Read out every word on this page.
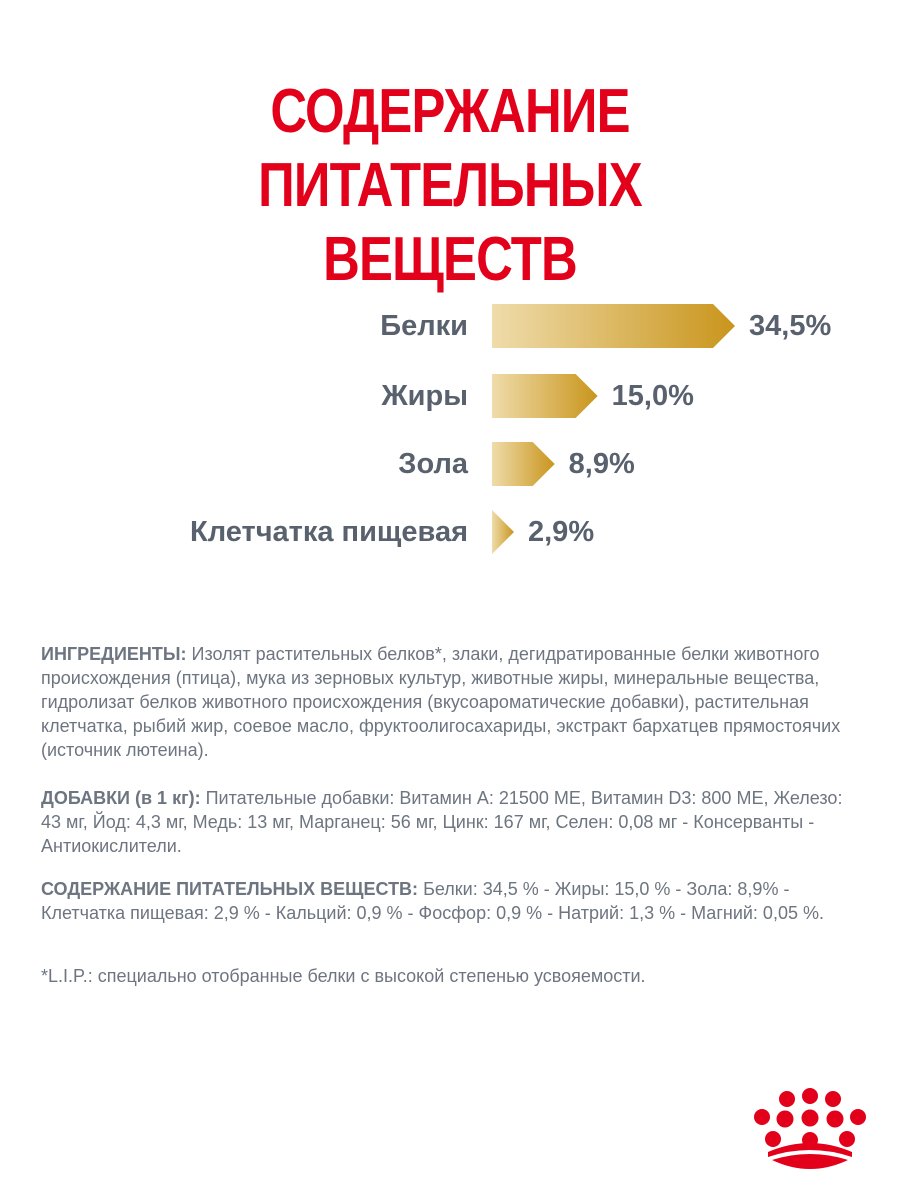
СОДЕРЖАНИЕ ПИТАТЕЛЬНЫХ
ВЕЩЕСТВ
Белки	34,5%
Жиры	15,0%
Зола	8,9%
Клетчатка пищевая 2,9%

ИНГРЕДИЕНТЫ: Изолят растительных белков*, злаки, дегидратированные белки животного происхождения (птица), мука из зерновых культур, животные жиры, минеральные вещества, гидролизат белков животного происхождения (вкусоароматические добавки), растительная клетчатка, рыбий жир, соевое масло, фруктоолигосахариды, экстракт бархатцев прямостоячих (источник лютеина).

ДОБАВКИ (в 1 кг): Питательные добавки: Витамин A: 21500 МЕ, Витамин D3: 800 МЕ, Железо: 43 мг, Йод: 4,3 мг, Медь: 13 мг, Марганец: 56 мг, Цинк: 167 мг, Селен: 0,08 мг - Консерванты - Антиокислители.

СОДЕРЖАНИЕ ПИТАТЕЛЬНЫХ ВЕЩЕСТВ: Белки: 34,5 % - Жиры: 15,0 % - Зола: 8,9% - Клетчатка пищевая: 2,9 % - Кальций: 0,9 % - Фосфор: 0,9 % - Натрий: 1,3 % - Магний: 0,05 %.

*L.I.P.: специально отобранные белки с высокой степенью усвояемости.
